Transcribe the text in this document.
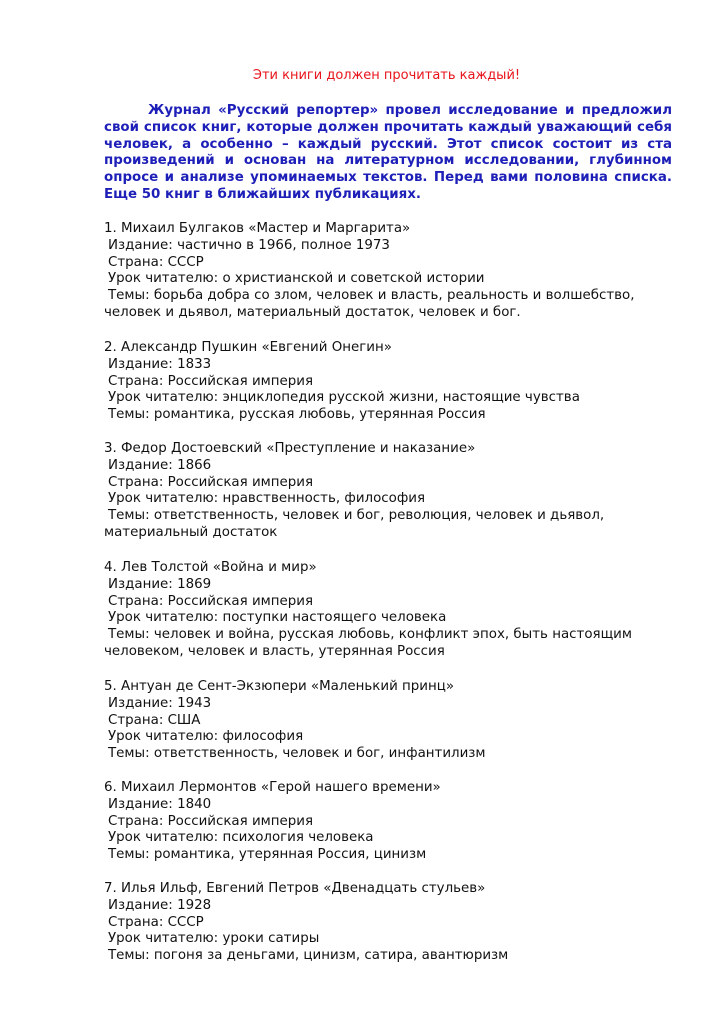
Эти книги должен прочитать каждый!

Журнал «Русский репортер» провел исследование и предложил свой список книг, которые должен прочитать каждый уважающий себя человек, а особенно – каждый русский. Этот список состоит из ста произведений и основан на литературном исследовании, глубинном опросе и анализе упоминаемых текстов. Перед вами половина списка. Еще 50 книг в ближайших публикациях.

1. Михаил Булгаков «Мастер и Маргарита»
Издание: частично в 1966, полное 1973
Страна: СССР
Урок читателю: о христианской и советской истории
Темы: борьба добра со злом, человек и власть, реальность и волшебство,
человек и дьявол, материальный достаток, человек и бог.
2. Александр Пушкин «Евгений Онегин»
Издание: 1833
Страна: Российская империя
Урок читателю: энциклопедия русской жизни, настоящие чувства
Темы: романтика, русская любовь, утерянная Россия
3. Федор Достоевский «Преступление и наказание»
Издание: 1866
Страна: Российская империя
Урок читателю: нравственность, философия
Темы: ответственность, человек и бог, революция, человек и дьявол,
материальный достаток
4. Лев Толстой «Война и мир»
Издание: 1869
Страна: Российская империя
Урок читателю: поступки настоящего человека
Темы: человек и война, русская любовь, конфликт эпох, быть настоящим
человеком, человек и власть, утерянная Россия
5. Антуан де Сент-Экзюпери «Маленький принц»
Издание: 1943
Страна: США
Урок читателю: философия
Темы: ответственность, человек и бог, инфантилизм
6. Михаил Лермонтов «Герой нашего времени»
Издание: 1840
Страна: Российская империя
Урок читателю: психология человека
Темы: романтика, утерянная Россия, цинизм
7. Илья Ильф, Евгений Петров «Двенадцать стульев»
Издание: 1928
Страна: СССР
Урок читателю: уроки сатиры
Темы: погоня за деньгами, цинизм, сатира, авантюризм
